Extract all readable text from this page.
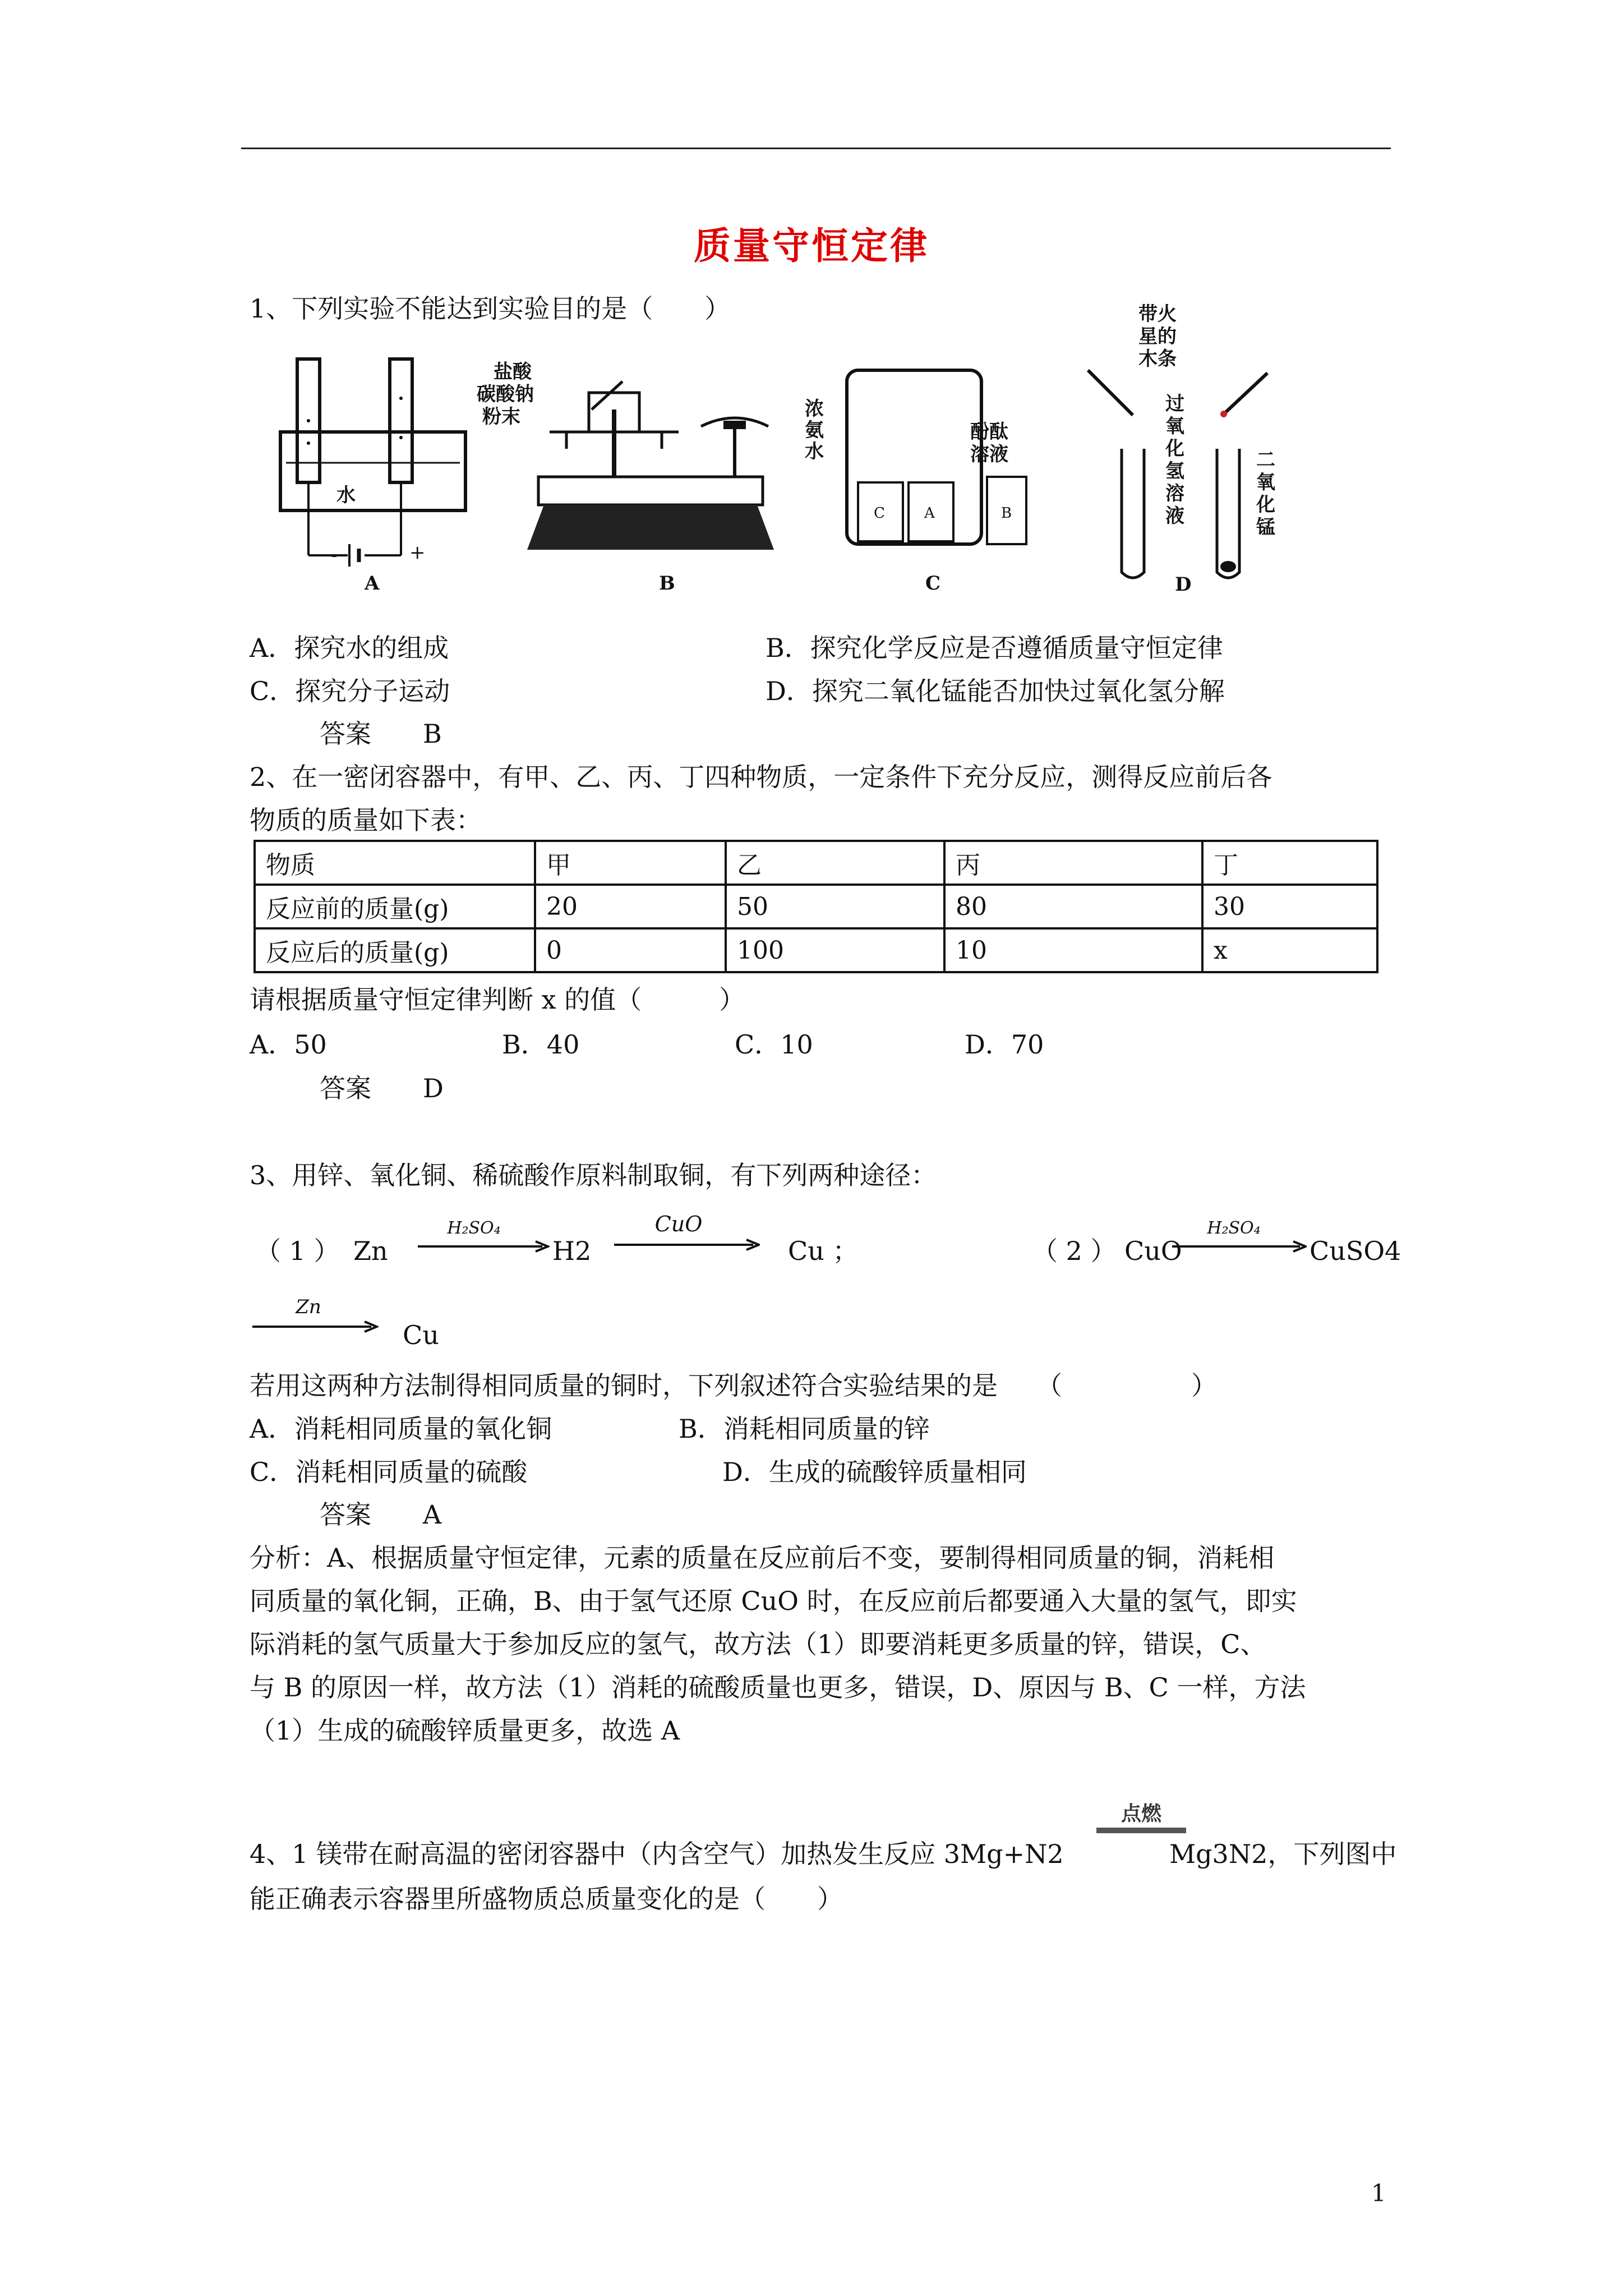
质量守恒定律
1、下列实验不能达到实验目的是（　　）
水
-	+
A
盐酸
碳酸钠
粉末
B
浓氨水
酚酞溶液
C	A	B
C
带火星的木条
过氧化氢溶液
二氧化锰
D
A．探究水的组成	B．探究化学反应是否遵循质量守恒定律
C．探究分子运动	D．探究二氧化锰能否加快过氧化氢分解
答案　　B
2、在一密闭容器中，有甲、乙、丙、丁四种物质，一定条件下充分反应，测得反应前后各
物质的质量如下表：
物质	甲	乙	丙	丁
反应前的质量(g)	20	50	80	30
反应后的质量(g)	0	100	10	x
请根据质量守恒定律判断 x 的值（　　　）
A．50	B．40	C．10	D．70
答案　　D
3、用锌、氧化铜、稀硫酸作原料制取铜，有下列两种途径：
（ 1 ） Zn
H₂SO₄
H2
CuO
Cu ；	（ 2 ） CuO
H₂SO₄
CuSO4
Zn
Cu
若用这两种方法制得相同质量的铜时，下列叙述符合实验结果的是　　（　　　　　）
A．消耗相同质量的氧化铜	B．消耗相同质量的锌
C．消耗相同质量的硫酸	D．生成的硫酸锌质量相同
答案　　A
分析：A、根据质量守恒定律，元素的质量在反应前后不变，要制得相同质量的铜，消耗相
同质量的氧化铜，正确，B、由于氢气还原 CuO 时，在反应前后都要通入大量的氢气，即实
际消耗的氢气质量大于参加反应的氢气，故方法（1）即要消耗更多质量的锌，错误，C、
与 B 的原因一样，故方法（1）消耗的硫酸质量也更多，错误，D、原因与 B、C 一样，方法
（1）生成的硫酸锌质量更多，故选 A
4、1 镁带在耐高温的密闭容器中（内含空气）加热发生反应 3Mg+N2
点燃
Mg3N2，下列图中
能正确表示容器里所盛物质总质量变化的是（　　）
1
